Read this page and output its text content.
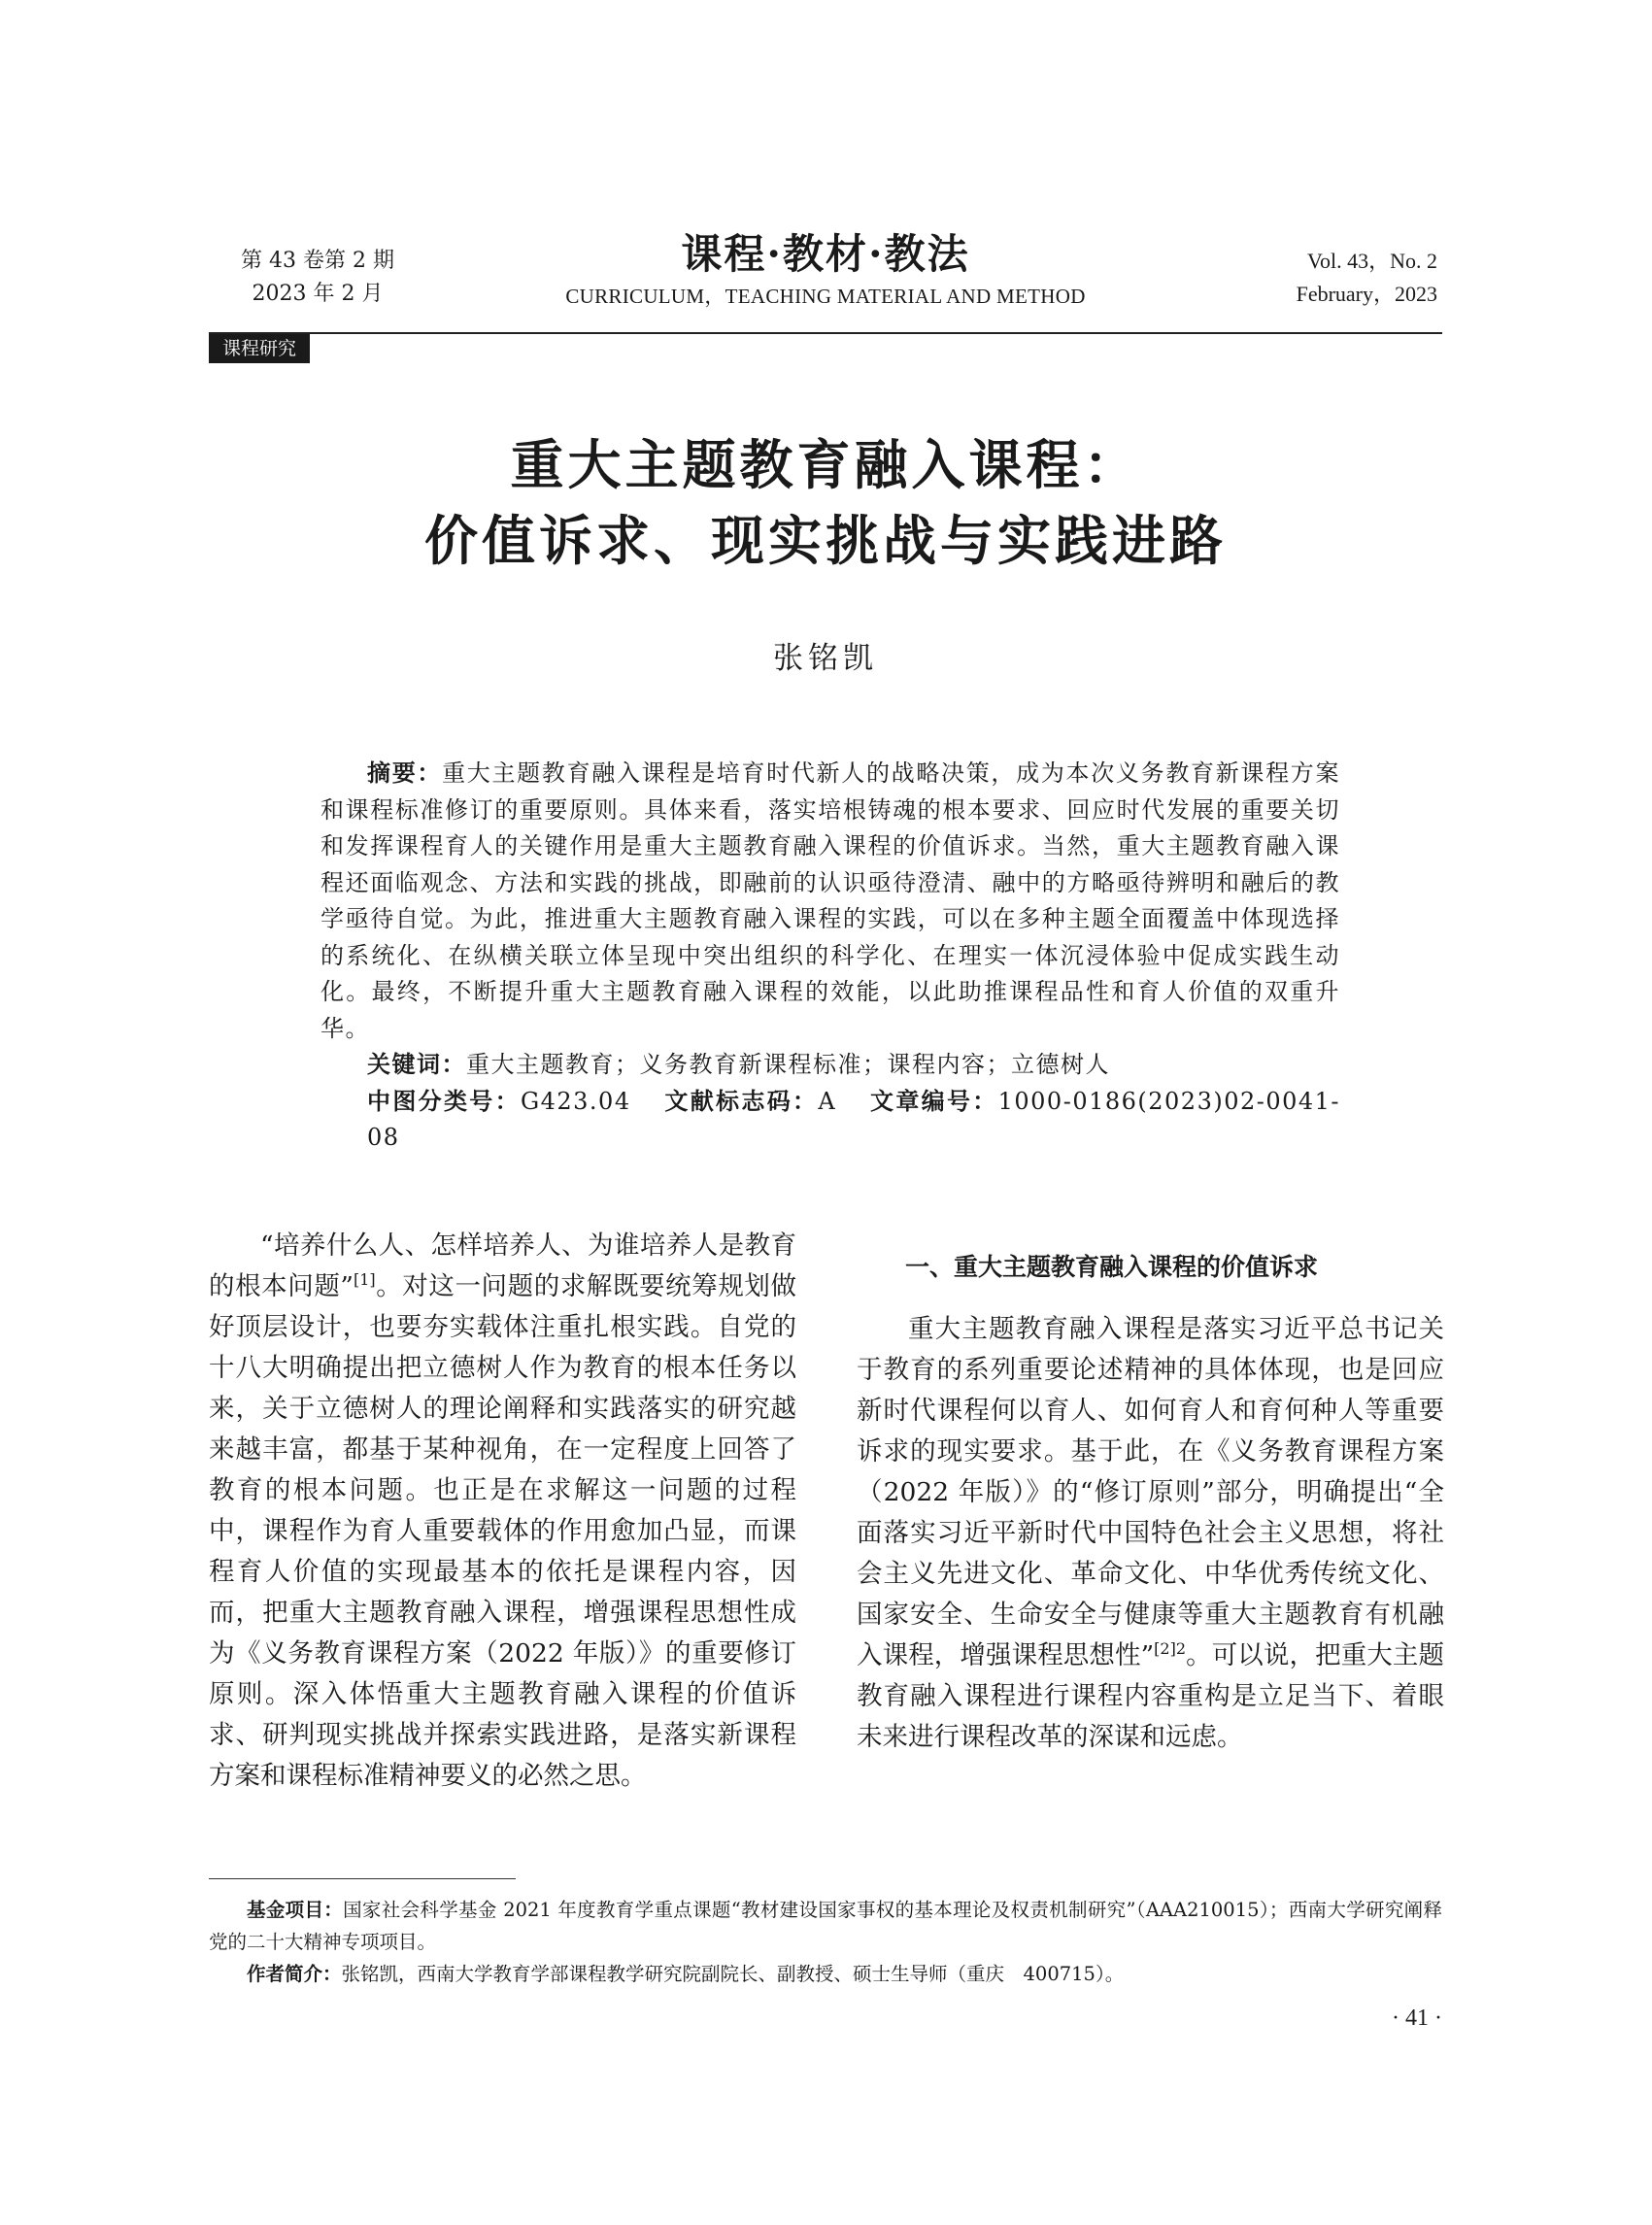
第 43 卷第 2 期
2023 年 2 月
课程·教材·教法
CURRICULUM，TEACHING MATERIAL AND METHOD
Vol. 43，No. 2
February，2023
课程研究
重大主题教育融入课程：
价值诉求、现实挑战与实践进路
张铭凯

摘要：重大主题教育融入课程是培育时代新人的战略决策，成为本次义务教育新课程方案和课程标准修订的重要原则。具体来看，落实培根铸魂的根本要求、回应时代发展的重要关切和发挥课程育人的关键作用是重大主题教育融入课程的价值诉求。当然，重大主题教育融入课程还面临观念、方法和实践的挑战，即融前的认识亟待澄清、融中的方略亟待辨明和融后的教学亟待自觉。为此，推进重大主题教育融入课程的实践，可以在多种主题全面覆盖中体现选择的系统化、在纵横关联立体呈现中突出组织的科学化、在理实一体沉浸体验中促成实践生动化。最终，不断提升重大主题教育融入课程的效能，以此助推课程品性和育人价值的双重升华。

关键词：重大主题教育；义务教育新课程标准；课程内容；立德树人

中图分类号：G423.04 文献标志码：A 文章编号：1000-0186(2023)02-0041-08

“培养什么人、怎样培养人、为谁培养人是教育的根本问题”[1]。对这一问题的求解既要统筹规划做好顶层设计，也要夯实载体注重扎根实践。自党的十八大明确提出把立德树人作为教育的根本任务以来，关于立德树人的理论阐释和实践落实的研究越来越丰富，都基于某种视角，在一定程度上回答了教育的根本问题。也正是在求解这一问题的过程中，课程作为育人重要载体的作用愈加凸显，而课程育人价值的实现最基本的依托是课程内容，因而，把重大主题教育融入课程，增强课程思想性成为《义务教育课程方案（2022 年版）》的重要修订原则。深入体悟重大主题教育融入课程的价值诉求、研判现实挑战并探索实践进路，是落实新课程方案和课程标准精神要义的必然之思。

一、重大主题教育融入课程的价值诉求

重大主题教育融入课程是落实习近平总书记关于教育的系列重要论述精神的具体体现，也是回应新时代课程何以育人、如何育人和育何种人等重要诉求的现实要求。基于此，在《义务教育课程方案（2022 年版）》的“修订原则”部分，明确提出“全面落实习近平新时代中国特色社会主义思想，将社会主义先进文化、革命文化、中华优秀传统文化、国家安全、生命安全与健康等重大主题教育有机融入课程，增强课程思想性”$^{[2]2}$。可以说，把重大主题教育融入课程进行课程内容重构是立足当下、着眼未来进行课程改革的深谋和远虑。

基金项目：国家社会科学基金 2021 年度教育学重点课题“教材建设国家事权的基本理论及权责机制研究”（AAA210015）；西南大学研究阐释党的二十大精神专项项目。

作者简介：张铭凯，西南大学教育学部课程教学研究院副院长、副教授、硕士生导师（重庆　400715）。

· 41 ·
